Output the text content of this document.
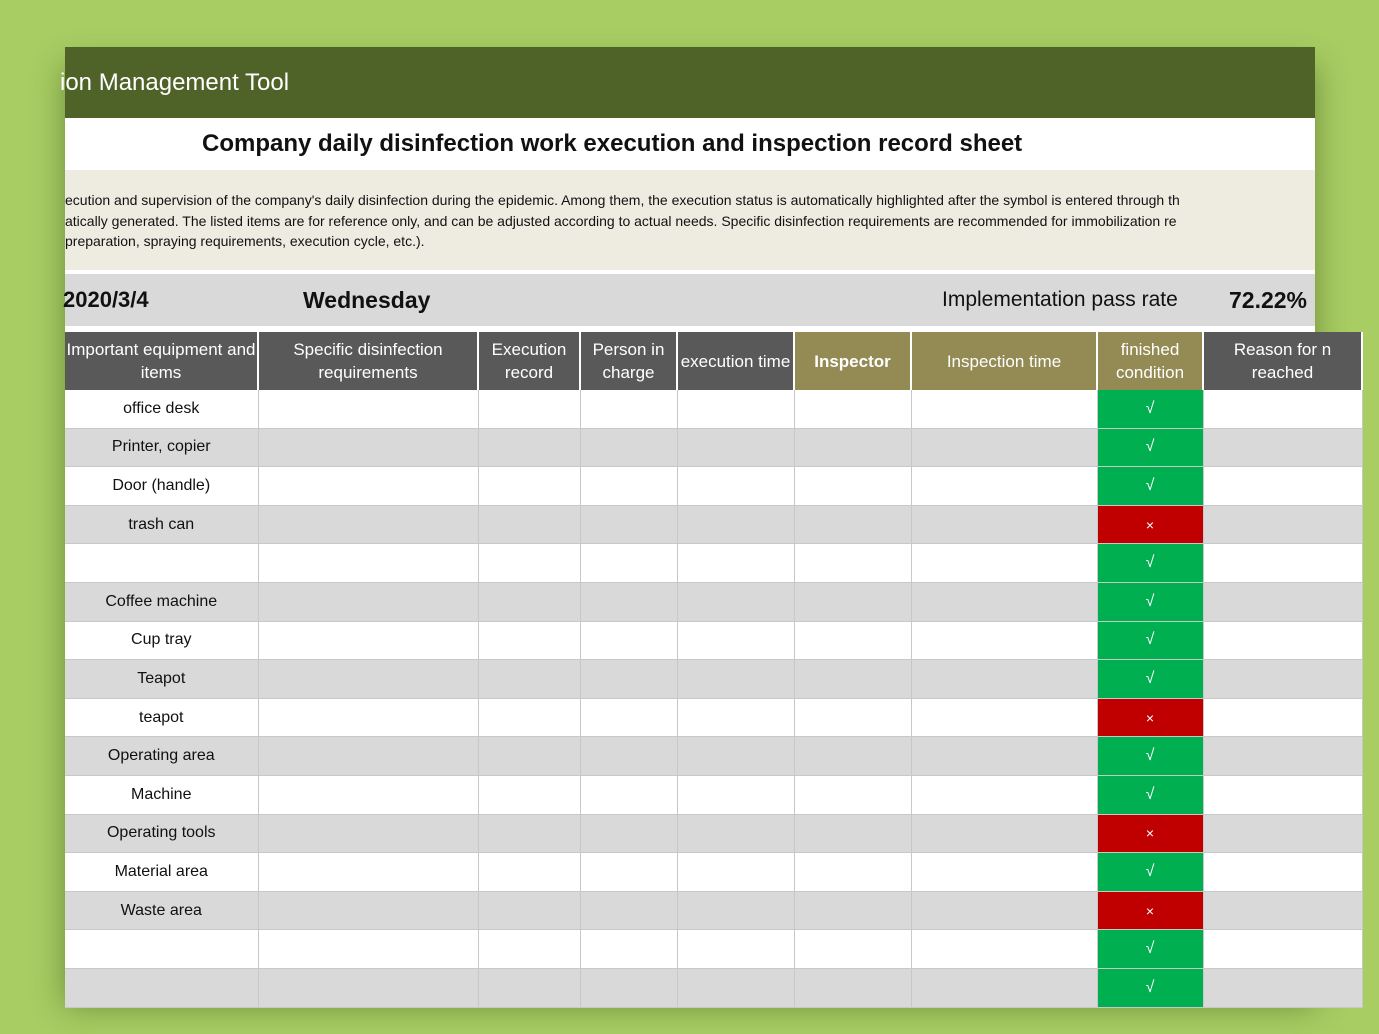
ion Management Tool
Company daily disinfection work execution and inspection record sheet
ecution and supervision of the company's daily disinfection during the epidemic. Among them, the execution status is automatically highlighted after the symbol is entered through th
atically generated. The listed items are for reference only, and can be adjusted according to actual needs. Specific disinfection requirements are recommended for immobilization re
preparation, spraying requirements, execution cycle, etc.).
2020/3/4	Wednesday	Implementation pass rate 72.22%
Important equipment and items	Specific disinfection requirements	Execution record	Person in charge	execution time	Inspector	Inspection time	finished condition	Reason for n reached
office desk							√	
Printer, copier							√	
Door (handle)							√	
trash can							×	
							√	
Coffee machine							√	
Cup tray							√	
Teapot							√	
teapot							×	
Operating area							√	
Machine							√	
Operating tools							×	
Material area							√	
Waste area							×	
							√	
							√	
